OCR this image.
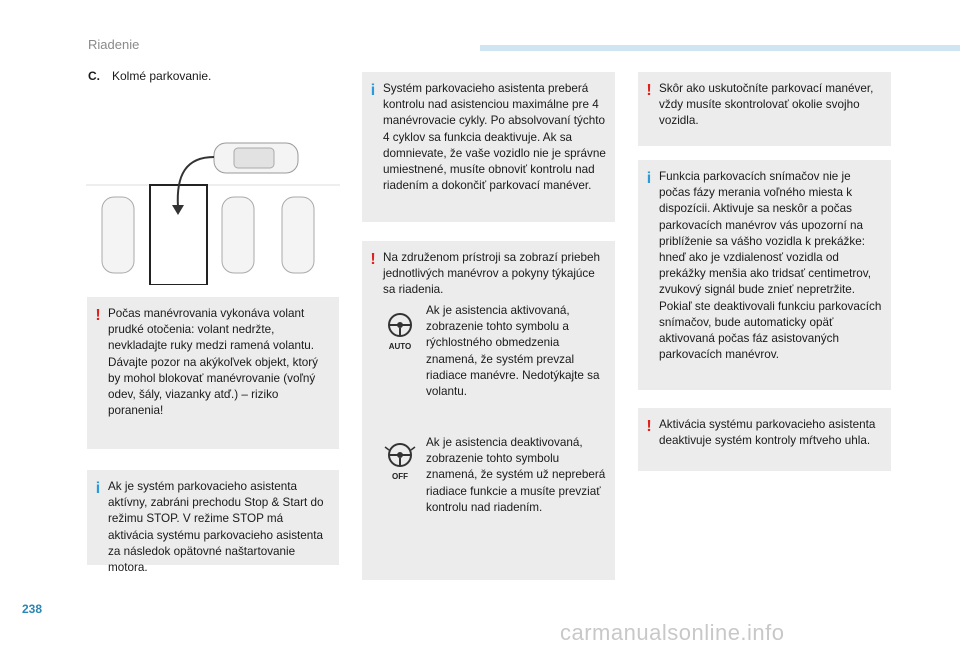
Riadenie
C. Kolmé parkovanie.
! Počas manévrovania vykonáva volant prudké otočenia: volant nedržte, nevkladajte ruky medzi ramená volantu. Dávajte pozor na akýkoľvek objekt, ktorý by mohol blokovať manévrovanie (voľný odev, šály, viazanky atď.) – riziko poranenia!
i Ak je systém parkovacieho asistenta aktívny, zabráni prechodu Stop & Start do režimu STOP. V režime STOP má aktivácia systému parkovacieho asistenta za následok opätovné naštartovanie motora.
i Systém parkovacieho asistenta preberá kontrolu nad asistenciou maximálne pre 4 manévrovacie cykly. Po absolvovaní týchto 4 cyklov sa funkcia deaktivuje. Ak sa domnievate, že vaše vozidlo nie je správne umiestnené, musíte obnoviť kontrolu nad riadením a dokončiť parkovací manéver.
! Na združenom prístroji sa zobrazí priebeh jednotlivých manévrov a pokyny týkajúce sa riadenia.
AUTO
Ak je asistencia aktivovaná, zobrazenie tohto symbolu a rýchlostného obmedzenia znamená, že systém prevzal riadiace manévre. Nedotýkajte sa volantu.
OFF
Ak je asistencia deaktivovaná, zobrazenie tohto symbolu znamená, že systém už nepreberá riadiace funkcie a musíte prevziať kontrolu nad riadením.
! Skôr ako uskutočníte parkovací manéver, vždy musíte skontrolovať okolie svojho vozidla.
i Funkcia parkovacích snímačov nie je počas fázy merania voľného miesta k dispozícii. Aktivuje sa neskôr a počas parkovacích manévrov vás upozorní na priblíženie sa vášho vozidla k prekážke: hneď ako je vzdialenosť vozidla od prekážky menšia ako tridsať centimetrov, zvukový signál bude znieť nepretržite. Pokiaľ ste deaktivovali funkciu parkovacích snímačov, bude automaticky opäť aktivovaná počas fáz asistovaných parkovacích manévrov.
! Aktivácia systému parkovacieho asistenta deaktivuje systém kontroly mŕtveho uhla.
238
carmanualsonline.info
